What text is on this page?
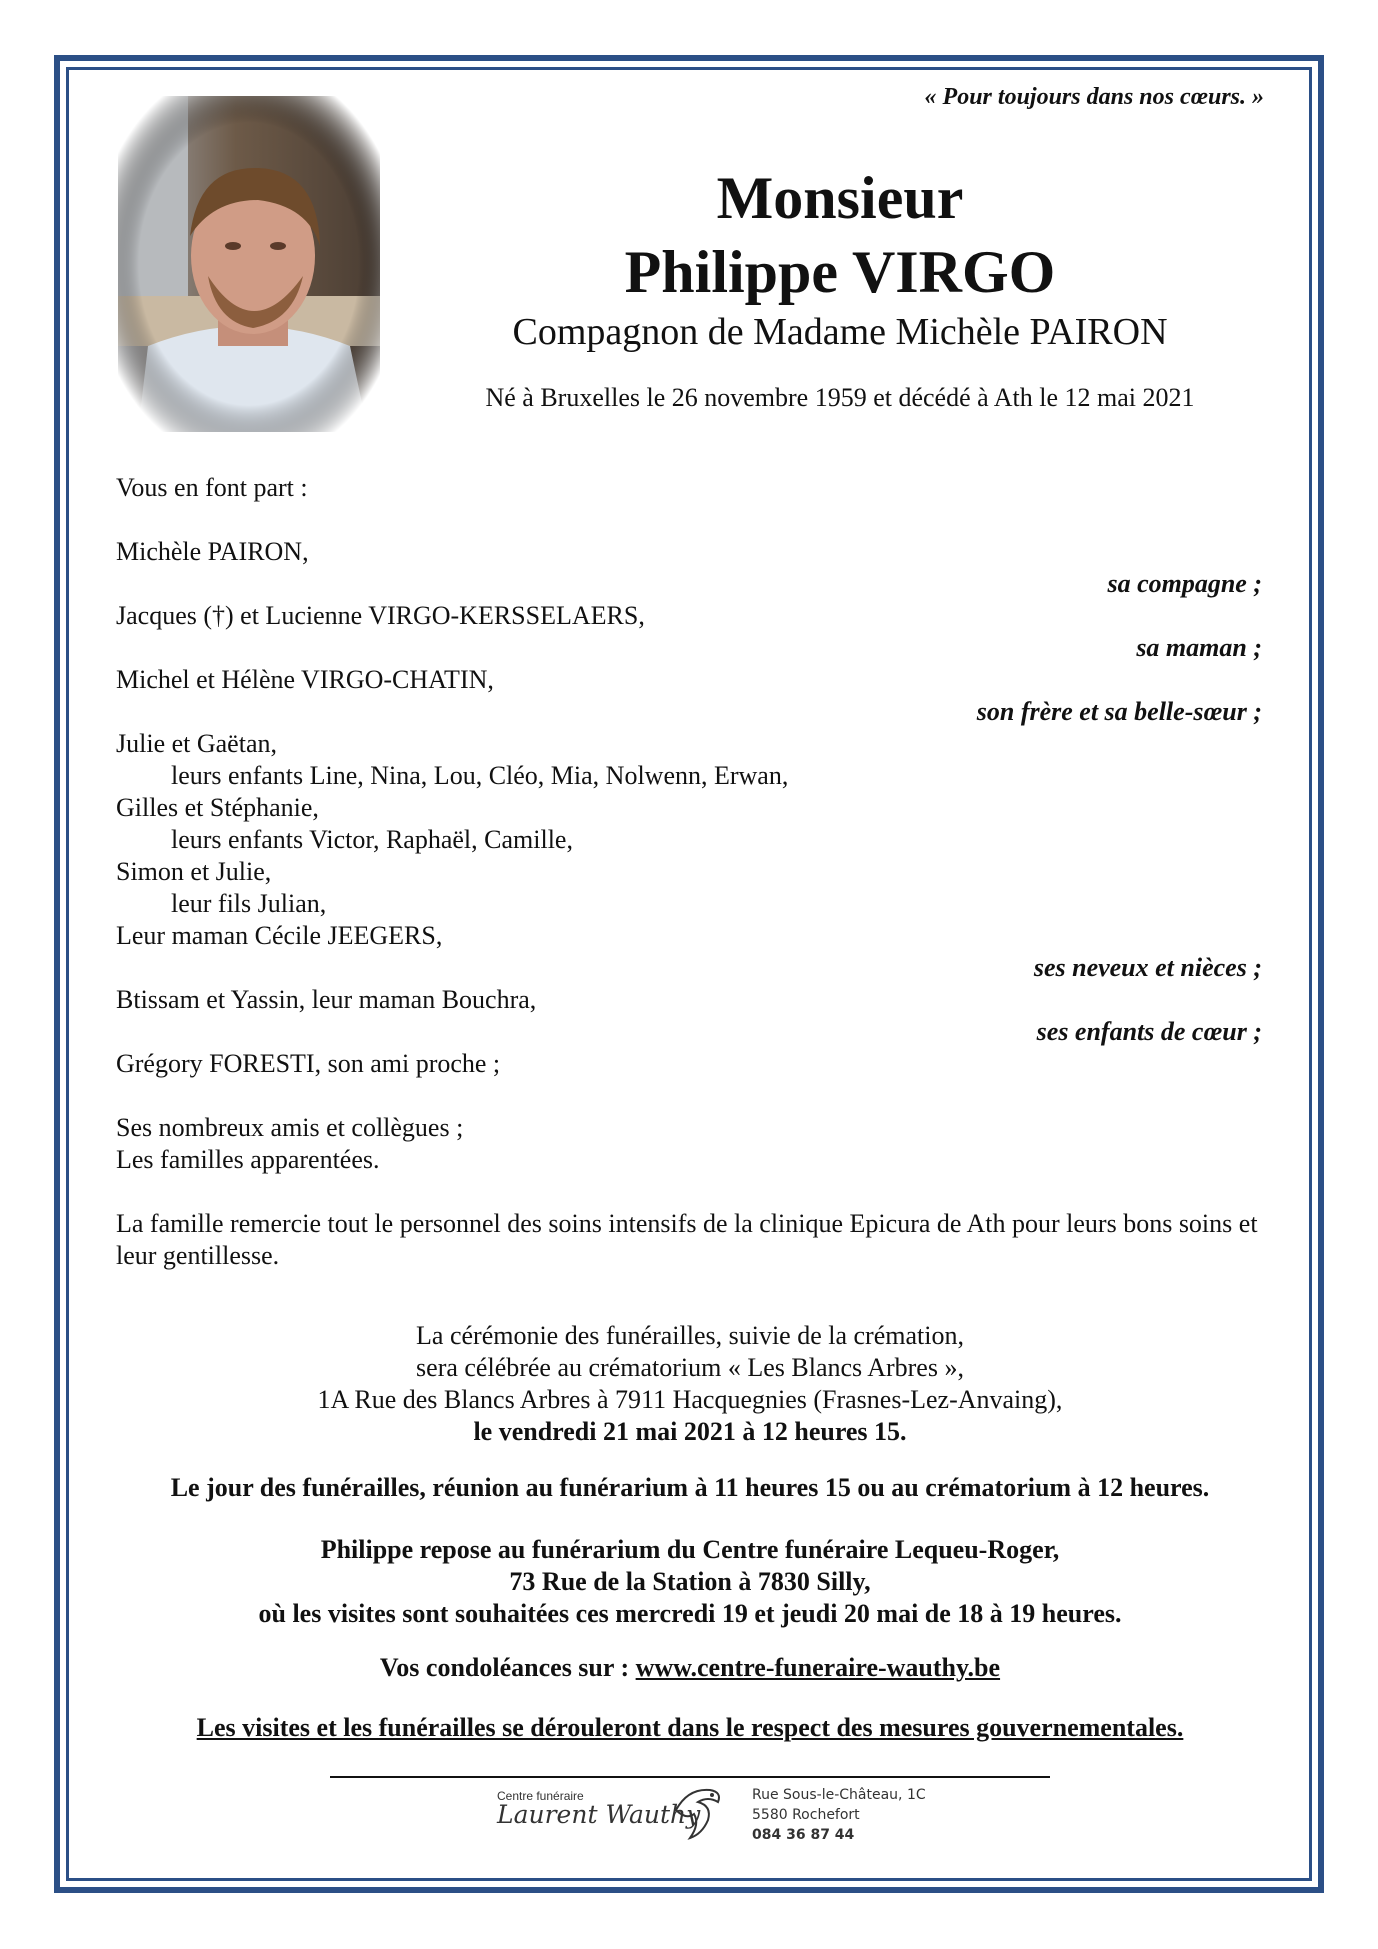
« Pour toujours dans nos cœurs. »
Monsieur
Philippe VIRGO
Compagnon de Madame Michèle PAIRON
Né à Bruxelles le 26 novembre 1959 et décédé à Ath le 12 mai 2021
Vous en font part :
Michèle PAIRON,
sa compagne ;
Jacques (†) et Lucienne VIRGO-KERSSELAERS,
sa maman ;
Michel et Hélène VIRGO-CHATIN,
son frère et sa belle-sœur ;
Julie et Gaëtan,
leurs enfants Line, Nina, Lou, Cléo, Mia, Nolwenn, Erwan,
Gilles et Stéphanie,
leurs enfants Victor, Raphaël, Camille,
Simon et Julie,
leur fils Julian,
Leur maman Cécile JEEGERS,
ses neveux et nièces ;
Btissam et Yassin, leur maman Bouchra,
ses enfants de cœur ;
Grégory FORESTI, son ami proche ;
Ses nombreux amis et collègues ;
Les familles apparentées.
La famille remercie tout le personnel des soins intensifs de la clinique Epicura de Ath pour leurs bons soins et leur gentillesse.
La cérémonie des funérailles, suivie de la crémation,
sera célébrée au crématorium « Les Blancs Arbres »,
1A Rue des Blancs Arbres à 7911 Hacquegnies (Frasnes-Lez-Anvaing),
le vendredi 21 mai 2021 à 12 heures 15.
Le jour des funérailles, réunion au funérarium à 11 heures 15 ou au crématorium à 12 heures.
Philippe repose au funérarium du Centre funéraire Lequeu-Roger,
73 Rue de la Station à 7830 Silly,
où les visites sont souhaitées ces mercredi 19 et jeudi 20 mai de 18 à 19 heures.
Vos condoléances sur : www.centre-funeraire-wauthy.be
Les visites et les funérailles se dérouleront dans le respect des mesures gouvernementales.
Centre funéraire
Laurent Wauthy
Rue Sous-le-Château, 1C
5580 Rochefort
084 36 87 44
